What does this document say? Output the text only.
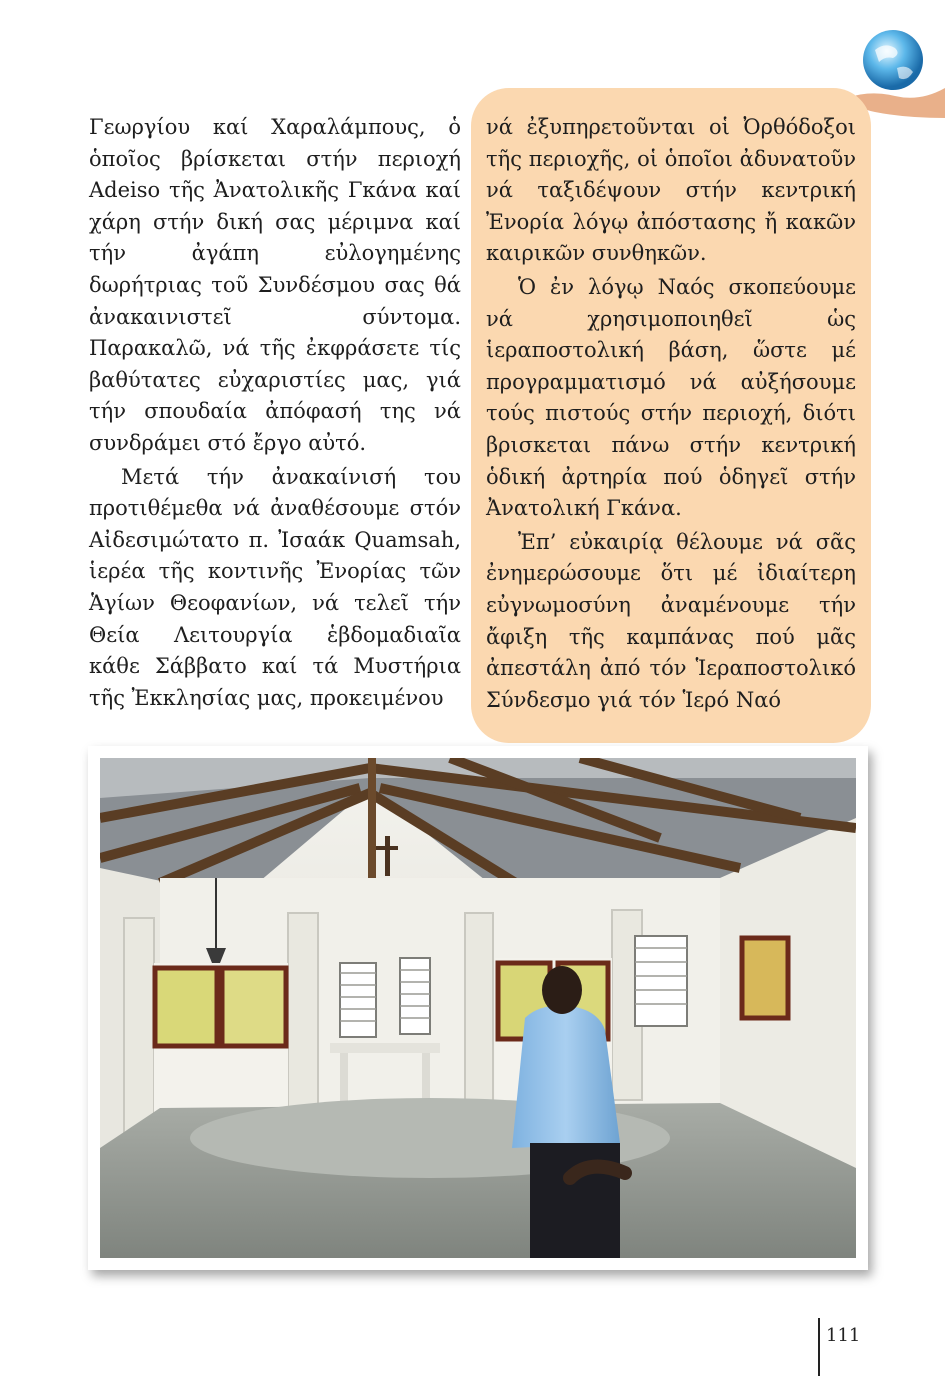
Γεωργίου καί Χαραλάμπους, ὁ ὁποῖος βρίσκεται στήν περιοχή Adeiso τῆς Ἀνατολικῆς Γκάνα καί χάρη στήν δική σας μέριμνα καί τήν ἀγάπη εὐλογημένης δωρήτριας τοῦ Συνδέσμου σας θά ἀνακαινιστεῖ σύντομα. Παρακαλῶ, νά τῆς ἐκφράσετε τίς βαθύτατες εὐχαριστίες μας, γιά τήν σπουδαία ἀπόφασή της νά συνδράμει στό ἔργο αὐτό.

Μετά τήν ἀνακαίνισή του προτιθέμεθα νά ἀναθέσουμε στόν Αἰδεσιμώτατο π. Ἰσαάκ Quamsah, ἱερέα τῆς κοντινῆς Ἐνορίας τῶν Ἁγίων Θεοφανίων, νά τελεῖ τήν Θεία Λειτουργία ἑβδομαδιαῖα κάθε Σάββατο καί τά Μυστήρια τῆς Ἐκκλησίας μας, προκειμένου

νά ἐξυπηρετοῦνται οἱ Ὀρθόδοξοι τῆς περιοχῆς, οἱ ὁποῖοι ἀδυνατοῦν νά ταξιδέψουν στήν κεντρική Ἐνορία λόγῳ ἀπόστασης ἤ κακῶν καιρικῶν συνθηκῶν.

Ὁ ἐν λόγῳ Ναός σκοπεύουμε νά χρησιμοποιηθεῖ ὡς ἱεραποστολική βάση, ὥστε μέ προγραμματισμό νά αὐξήσουμε τούς πιστούς στήν περιοχή, διότι βρισκεται πάνω στήν κεντρική ὁδική ἀρτηρία πού ὁδηγεῖ στήν Ἀνατολική Γκάνα.

Ἐπ’ εὐκαιρίᾳ θέλουμε νά σᾶς ἐνημερώσουμε ὅτι μέ ἰδιαίτερη εὐγνωμοσύνη ἀναμένουμε τήν ἄφιξη τῆς καμπάνας πού μᾶς ἀπεστάλη ἀπό τόν Ἱεραποστολικό Σύνδεσμο γιά τόν Ἱερό Ναό

111
